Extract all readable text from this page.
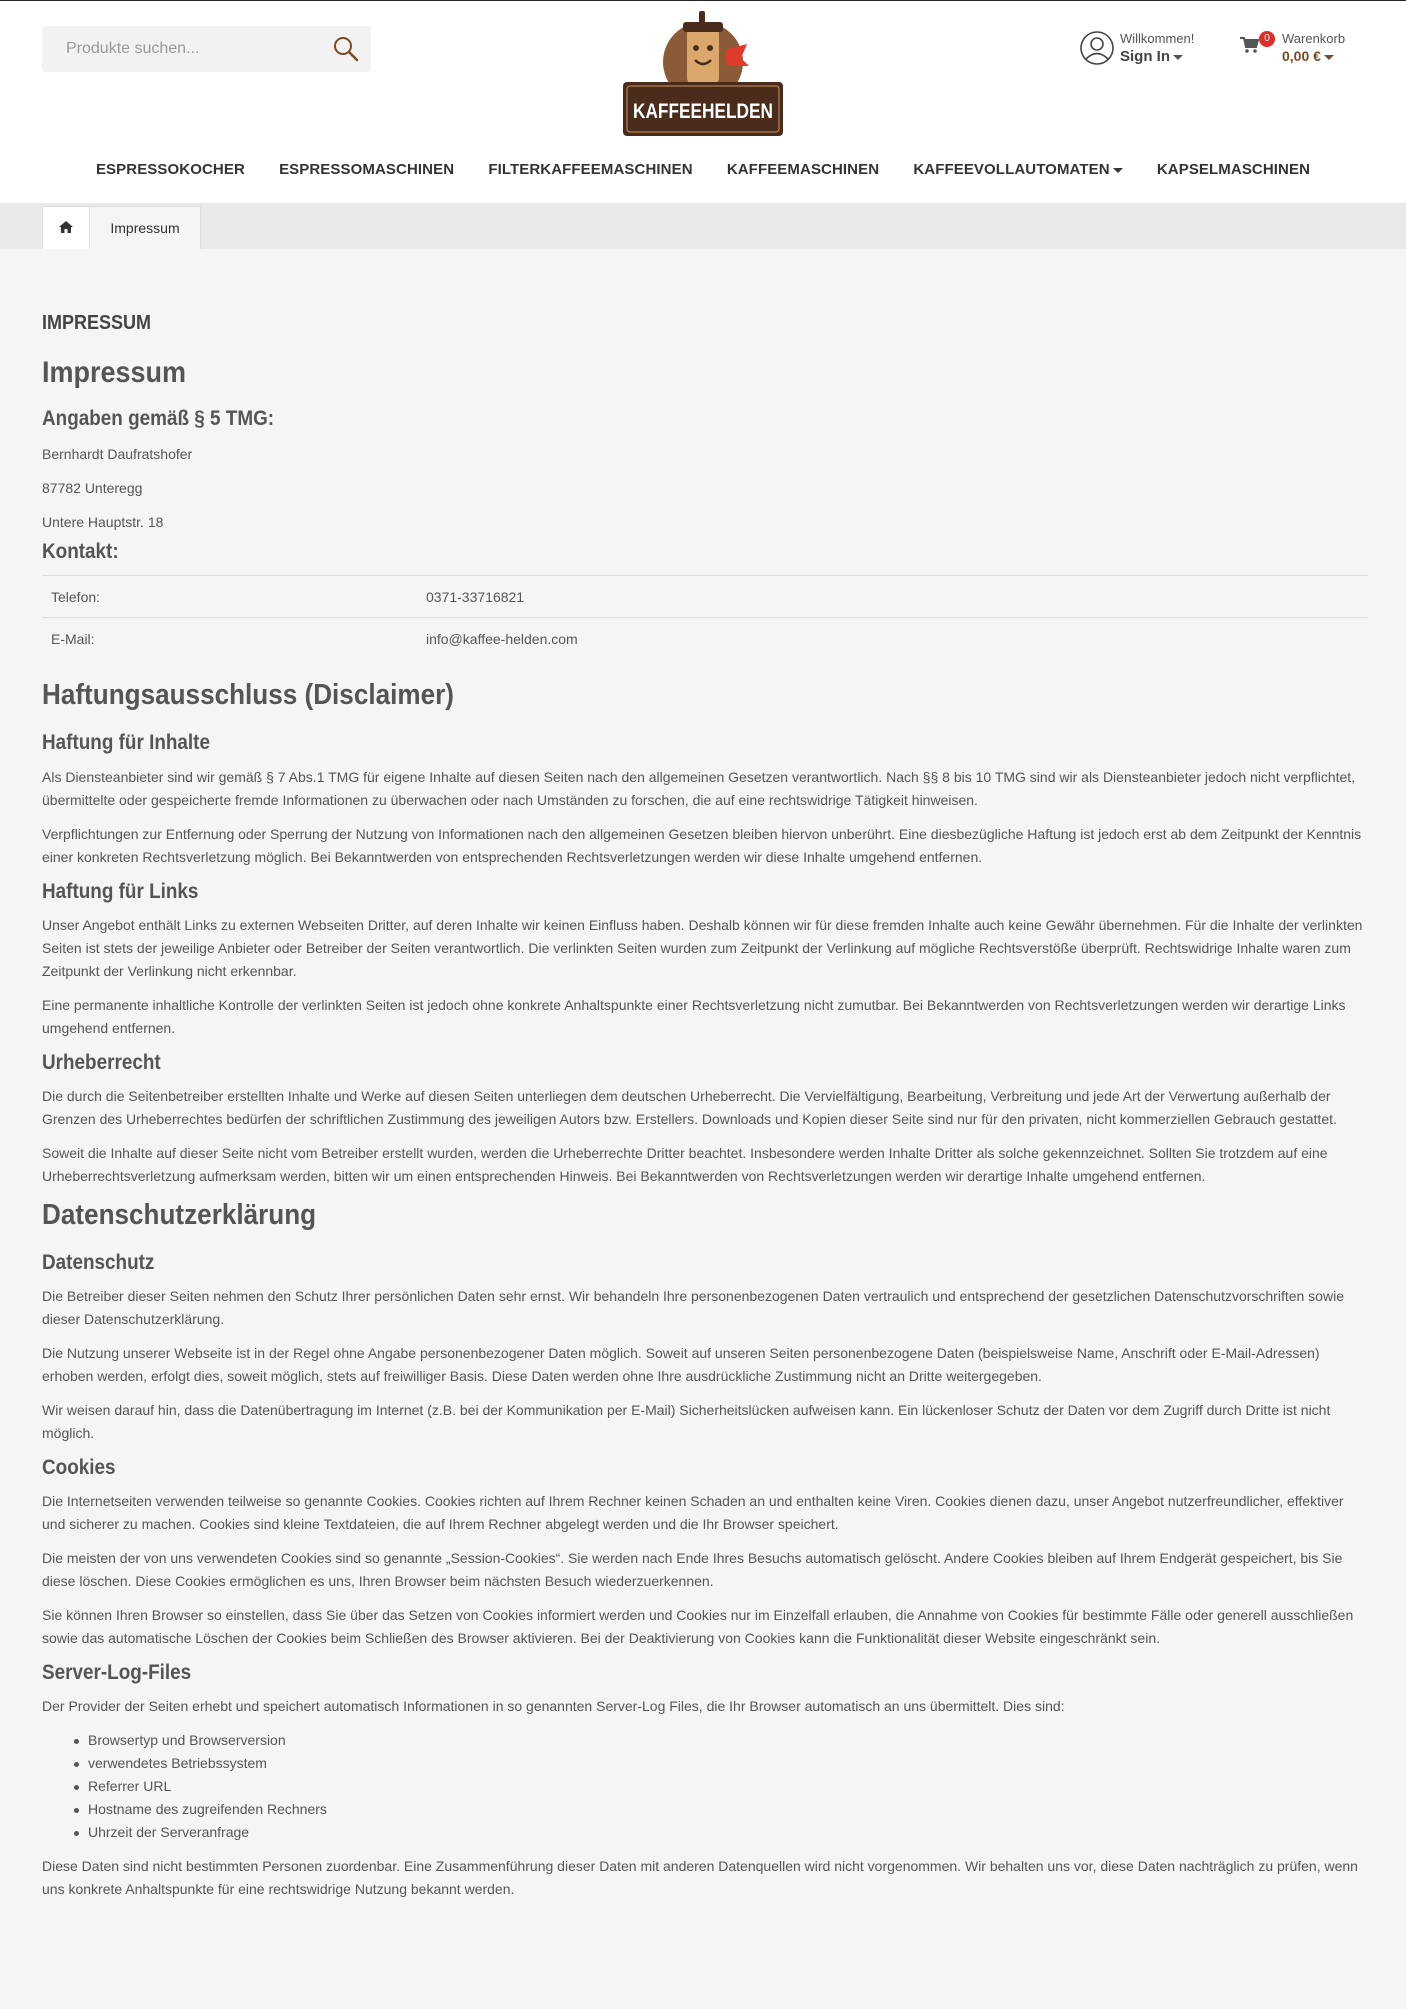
Produkte suchen...
KAFFEEHELDEN
Willkommen!
Sign In
0 Warenkorb
0,00 €
ESPRESSOKOCHER ESPRESSOMASCHINEN FILTERKAFFEEMASCHINEN KAFFEEMASCHINEN KAFFEEVOLLAUTOMATEN	KAPSELMASCHINEN
Impressum
IMPRESSUM
Impressum
Angaben gemäß § 5 TMG:
Bernhardt Daufratshofer
87782 Unteregg
Untere Hauptstr. 18
Kontakt:
Telefon:	0371-33716821
E-Mail:	info@kaffee-helden.com
Haftungsausschluss (Disclaimer)
Haftung für Inhalte

Als Diensteanbieter sind wir gemäß § 7 Abs.1 TMG für eigene Inhalte auf diesen Seiten nach den allgemeinen Gesetzen verantwortlich. Nach §§ 8 bis 10 TMG sind wir als Diensteanbieter jedoch nicht verpflichtet, übermittelte oder gespeicherte fremde Informationen zu überwachen oder nach Umständen zu forschen, die auf eine rechtswidrige Tätigkeit hinweisen.

Verpflichtungen zur Entfernung oder Sperrung der Nutzung von Informationen nach den allgemeinen Gesetzen bleiben hiervon unberührt. Eine diesbezügliche Haftung ist jedoch erst ab dem Zeitpunkt der Kenntnis einer konkreten Rechtsverletzung möglich. Bei Bekanntwerden von entsprechenden Rechtsverletzungen werden wir diese Inhalte umgehend entfernen.

Haftung für Links

Unser Angebot enthält Links zu externen Webseiten Dritter, auf deren Inhalte wir keinen Einfluss haben. Deshalb können wir für diese fremden Inhalte auch keine Gewähr übernehmen. Für die Inhalte der verlinkten Seiten ist stets der jeweilige Anbieter oder Betreiber der Seiten verantwortlich. Die verlinkten Seiten wurden zum Zeitpunkt der Verlinkung auf mögliche Rechtsverstöße überprüft. Rechtswidrige Inhalte waren zum Zeitpunkt der Verlinkung nicht erkennbar.

Eine permanente inhaltliche Kontrolle der verlinkten Seiten ist jedoch ohne konkrete Anhaltspunkte einer Rechtsverletzung nicht zumutbar. Bei Bekanntwerden von Rechtsverletzungen werden wir derartige Links umgehend entfernen.

Urheberrecht

Die durch die Seitenbetreiber erstellten Inhalte und Werke auf diesen Seiten unterliegen dem deutschen Urheberrecht. Die Vervielfältigung, Bearbeitung, Verbreitung und jede Art der Verwertung außerhalb der Grenzen des Urheberrechtes bedürfen der schriftlichen Zustimmung des jeweiligen Autors bzw. Erstellers. Downloads und Kopien dieser Seite sind nur für den privaten, nicht kommerziellen Gebrauch gestattet.

Soweit die Inhalte auf dieser Seite nicht vom Betreiber erstellt wurden, werden die Urheberrechte Dritter beachtet. Insbesondere werden Inhalte Dritter als solche gekennzeichnet. Sollten Sie trotzdem auf eine Urheberrechtsverletzung aufmerksam werden, bitten wir um einen entsprechenden Hinweis. Bei Bekanntwerden von Rechtsverletzungen werden wir derartige Inhalte umgehend entfernen.

Datenschutzerklärung
Datenschutz

Die Betreiber dieser Seiten nehmen den Schutz Ihrer persönlichen Daten sehr ernst. Wir behandeln Ihre personenbezogenen Daten vertraulich und entsprechend der gesetzlichen Datenschutzvorschriften sowie dieser Datenschutzerklärung.

Die Nutzung unserer Webseite ist in der Regel ohne Angabe personenbezogener Daten möglich. Soweit auf unseren Seiten personenbezogene Daten (beispielsweise Name, Anschrift oder E-Mail-Adressen) erhoben werden, erfolgt dies, soweit möglich, stets auf freiwilliger Basis. Diese Daten werden ohne Ihre ausdrückliche Zustimmung nicht an Dritte weitergegeben.

Wir weisen darauf hin, dass die Datenübertragung im Internet (z.B. bei der Kommunikation per E-Mail) Sicherheitslücken aufweisen kann. Ein lückenloser Schutz der Daten vor dem Zugriff durch Dritte ist nicht möglich.

Cookies

Die Internetseiten verwenden teilweise so genannte Cookies. Cookies richten auf Ihrem Rechner keinen Schaden an und enthalten keine Viren. Cookies dienen dazu, unser Angebot nutzerfreundlicher, effektiver und sicherer zu machen. Cookies sind kleine Textdateien, die auf Ihrem Rechner abgelegt werden und die Ihr Browser speichert.

Die meisten der von uns verwendeten Cookies sind so genannte „Session-Cookies“. Sie werden nach Ende Ihres Besuchs automatisch gelöscht. Andere Cookies bleiben auf Ihrem Endgerät gespeichert, bis Sie diese löschen. Diese Cookies ermöglichen es uns, Ihren Browser beim nächsten Besuch wiederzuerkennen.

Sie können Ihren Browser so einstellen, dass Sie über das Setzen von Cookies informiert werden und Cookies nur im Einzelfall erlauben, die Annahme von Cookies für bestimmte Fälle oder generell ausschließen sowie das automatische Löschen der Cookies beim Schließen des Browser aktivieren. Bei der Deaktivierung von Cookies kann die Funktionalität dieser Website eingeschränkt sein.

Server-Log-Files

Der Provider der Seiten erhebt und speichert automatisch Informationen in so genannten Server-Log Files, die Ihr Browser automatisch an uns übermittelt. Dies sind:

Browsertyp und Browserversion
verwendetes Betriebssystem
Referrer URL
Hostname des zugreifenden Rechners
Uhrzeit der Serveranfrage

Diese Daten sind nicht bestimmten Personen zuordenbar. Eine Zusammenführung dieser Daten mit anderen Datenquellen wird nicht vorgenommen. Wir behalten uns vor, diese Daten nachträglich zu prüfen, wenn uns konkrete Anhaltspunkte für eine rechtswidrige Nutzung bekannt werden.
